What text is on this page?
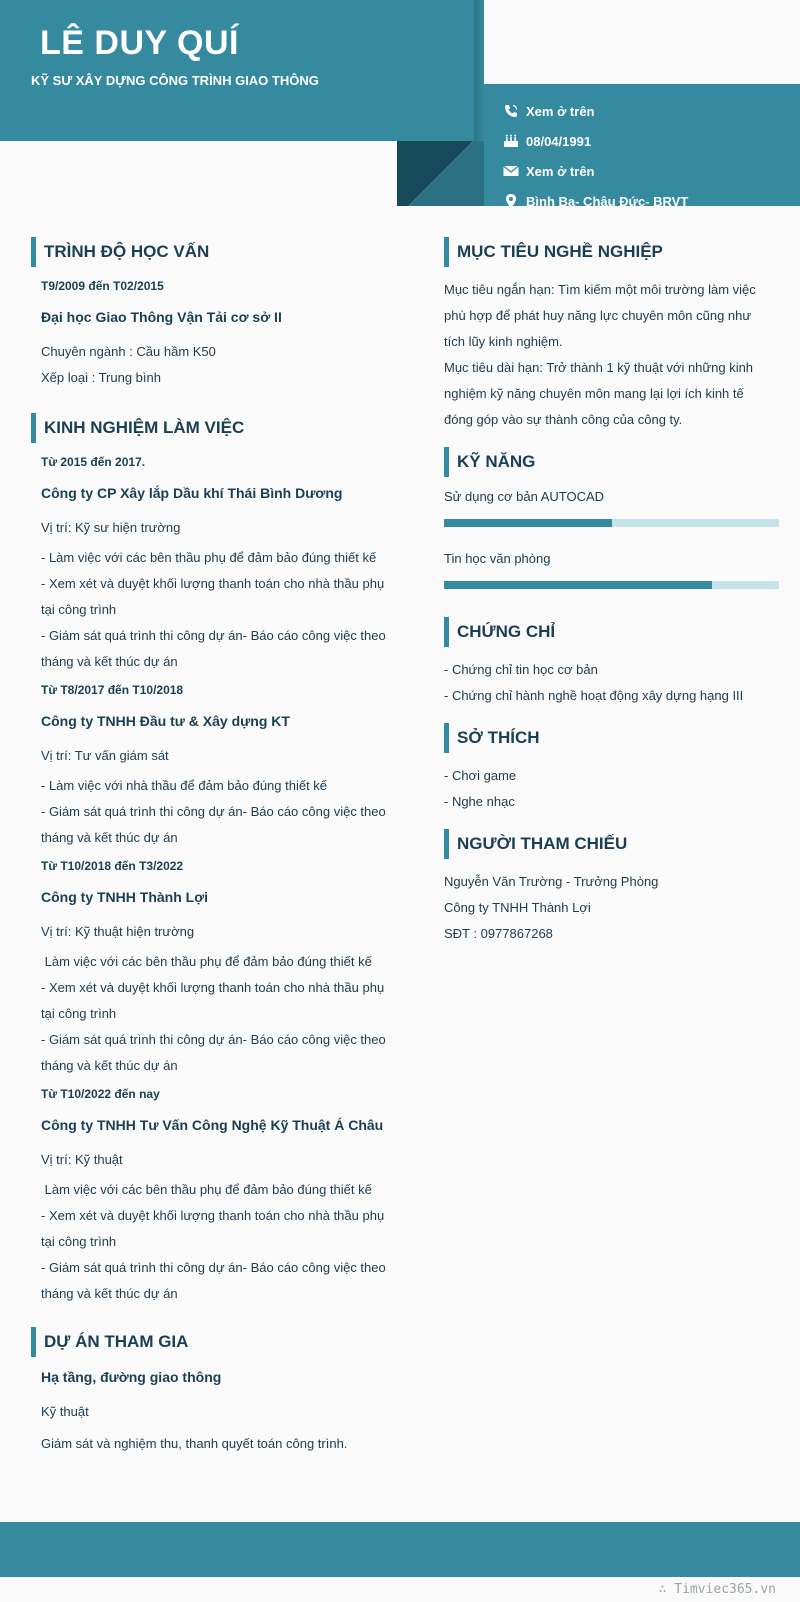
LÊ DUY QUÍ
KỸ SƯ XÂY DỰNG CÔNG TRÌNH GIAO THÔNG
Xem ở trên
08/04/1991
Xem ở trên
Bình Ba- Châu Đức- BRVT
TRÌNH ĐỘ HỌC VẤN
T9/2009 đến T02/2015
Đại học Giao Thông Vận Tải cơ sở II
Chuyên ngành : Cầu hầm K50
Xếp loại : Trung bình
KINH NGHIỆM LÀM VIỆC
Từ 2015 đến 2017.
Công ty CP Xây lắp Dầu khí Thái Bình Dương
Vị trí: Kỹ sư hiện trường
- Làm việc với các bên thầu phụ để đảm bảo đúng thiết kế
- Xem xét và duyệt khối lượng thanh toán cho nhà thầu phụ
tại công trình
- Giám sát quá trình thi công dự án- Báo cáo công việc theo
tháng và kết thúc dự án
Từ T8/2017 đến T10/2018
Công ty TNHH Đầu tư & Xây dựng KT
Vị trí: Tư vấn giám sát
- Làm việc với nhà thầu để đảm bảo đúng thiết kế
- Giám sát quá trình thi công dự án- Báo cáo công việc theo
tháng và kết thúc dự án
Từ T10/2018 đến T3/2022
Công ty TNHH Thành Lợi
Vị trí: Kỹ thuật hiện trường
Làm việc với các bên thầu phụ để đảm bảo đúng thiết kế
- Xem xét và duyệt khối lượng thanh toán cho nhà thầu phụ
tại công trình
- Giám sát quá trình thi công dự án- Báo cáo công việc theo
tháng và kết thúc dự án
Từ T10/2022 đến nay
Công ty TNHH Tư Vấn Công Nghệ Kỹ Thuật Á Châu
Vị trí: Kỹ thuật
Làm việc với các bên thầu phụ để đảm bảo đúng thiết kế
- Xem xét và duyệt khối lượng thanh toán cho nhà thầu phụ
tại công trình
- Giám sát quá trình thi công dự án- Báo cáo công việc theo
tháng và kết thúc dự án
DỰ ÁN THAM GIA
Hạ tầng, đường giao thông
Kỹ thuật
Giám sát và nghiệm thu, thanh quyết toán công trình.
MỤC TIÊU NGHỀ NGHIỆP
Mục tiêu ngắn hạn: Tìm kiếm một môi trường làm việc
phù hợp để phát huy năng lực chuyên môn cũng như
tích lũy kinh nghiệm.
Mục tiêu dài hạn: Trở thành 1 kỹ thuật với những kinh
nghiệm kỹ năng chuyên môn mang lại lợi ích kinh tế
đóng góp vào sự thành công của công ty.
KỸ NĂNG
Sử dụng cơ bản AUTOCAD
Tin học văn phòng
CHỨNG CHỈ
- Chứng chỉ tin học cơ bản
- Chứng chỉ hành nghề hoạt động xây dựng hạng III
SỞ THÍCH
- Chơi game
- Nghe nhạc
NGƯỜI THAM CHIẾU
Nguyễn Văn Trường - Trưởng Phòng
Công ty TNHH Thành Lợi
SĐT : 0977867268
∴ Timviec365.vn
